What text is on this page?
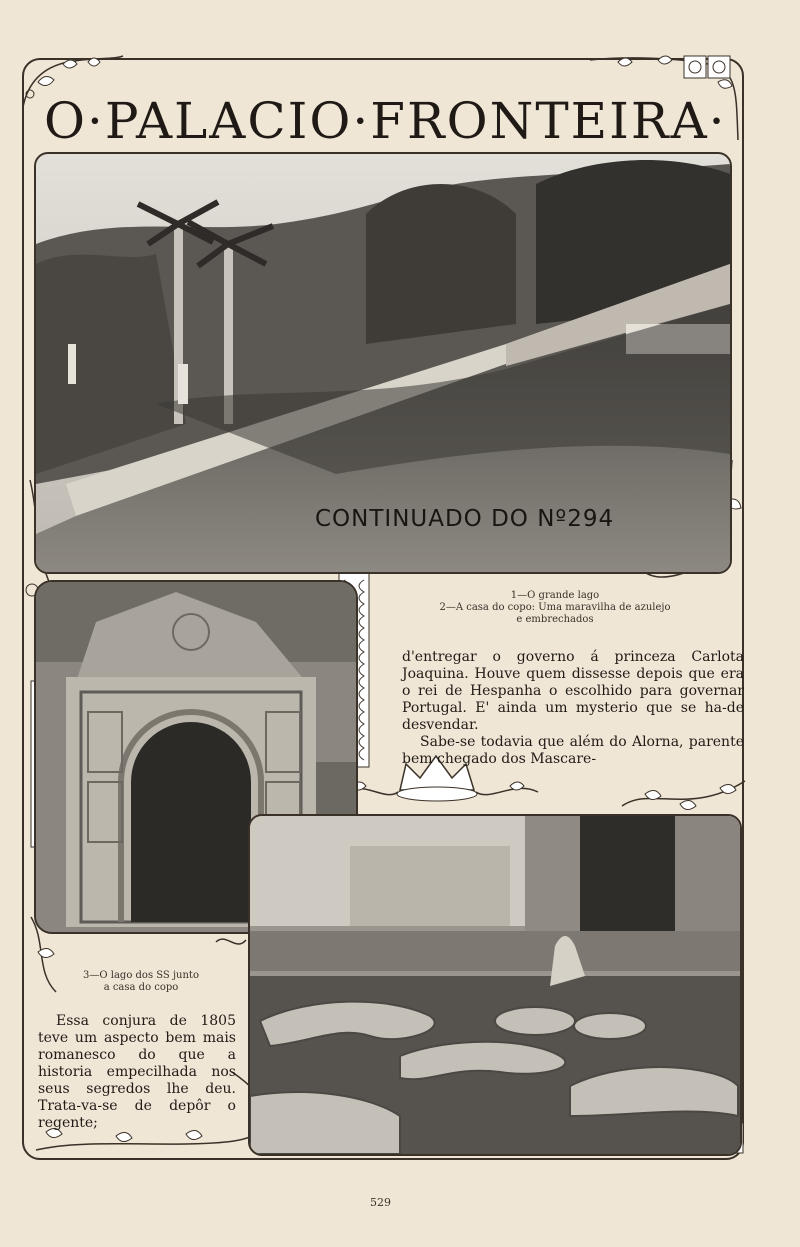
O·PALACIO·FRONTEIRA·
CONTINUADO DO Nº294
1—O grande lago
2—A casa do copo: Uma maravilha de azulejo
e embrechados
3—O lago dos SS junto
a casa do copo

d'entregar o governo á princeza Carlota Joaquina. Houve quem dissesse depois que era o rei de Hespanha o escolhido para governar Portugal. E' ainda um mysterio que se ha-de desvendar.

Sabe-se todavia que além do Alorna, parente bem chegado dos Mascare-

Essa conjura de 1805 teve um aspecto bem mais romanesco do que a historia empecilhada nos seus segredos lhe deu. Trata-va-se de depôr o regente;

529
